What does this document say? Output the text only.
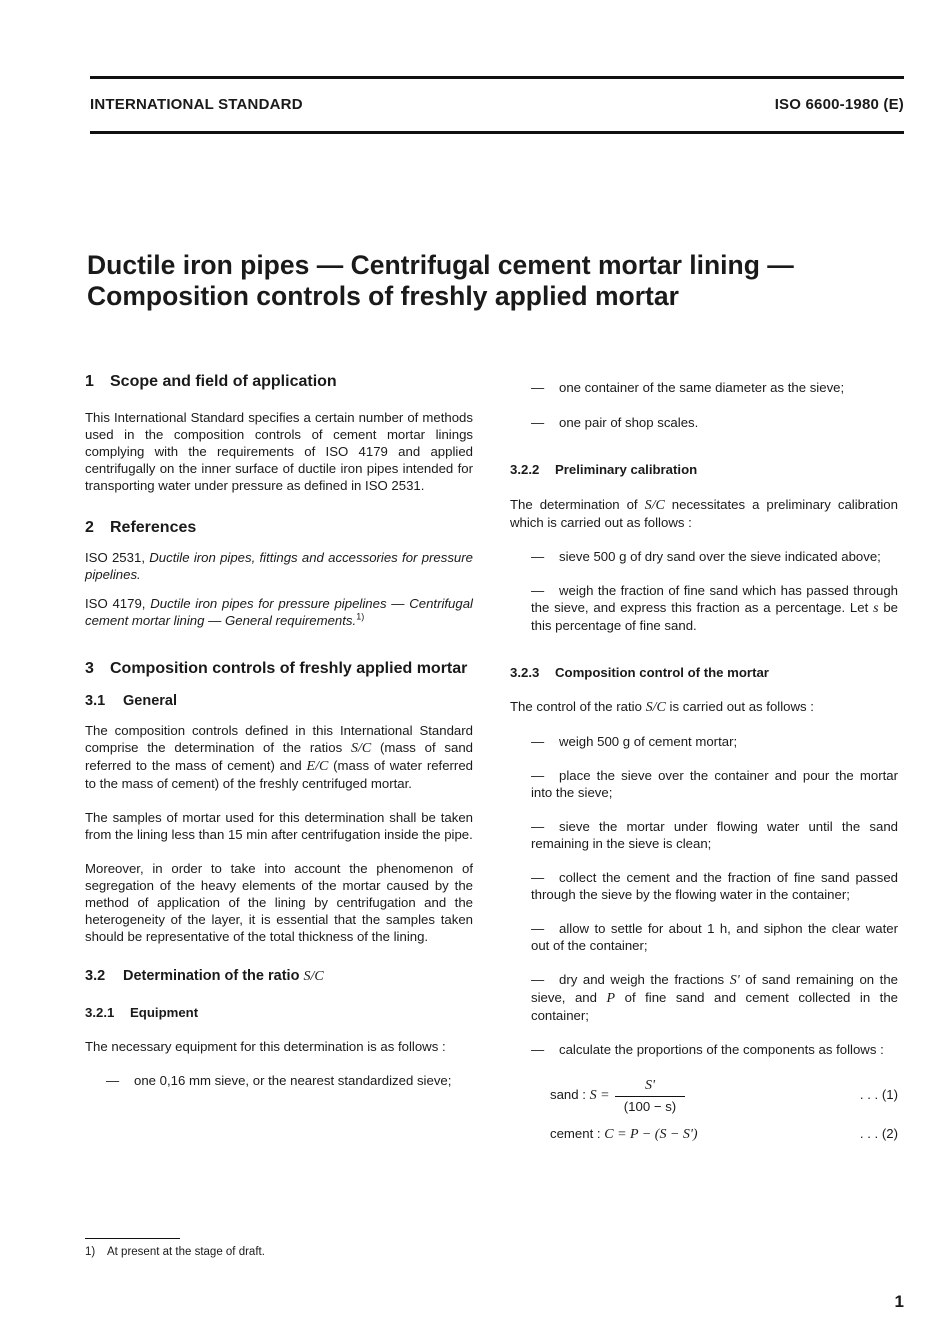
INTERNATIONAL STANDARD	ISO 6600-1980 (E)
Ductile iron pipes — Centrifugal cement mortar lining —
Composition controls of freshly applied mortar
1 Scope and field of application

This International Standard specifies a certain number of methods used in the composition controls of cement mortar linings complying with the requirements of ISO 4179 and applied centrifugally on the inner surface of ductile iron pipes intended for transporting water under pressure as defined in ISO 2531.

2 References

ISO 2531, Ductile iron pipes, fittings and accessories for pressure pipelines.

ISO 4179, Ductile iron pipes for pressure pipelines — Centrifugal cement mortar lining — General requirements.$^{1)}$

3 Composition controls of freshly applied mortar
3.1 General

The composition controls defined in this International Standard comprise the determination of the ratios S/C (mass of sand referred to the mass of cement) and E/C (mass of water referred to the mass of cement) of the freshly centrifuged mortar.

The samples of mortar used for this determination shall be taken from the lining less than 15 min after centrifugation inside the pipe.

Moreover, in order to take into account the phenomenon of segregation of the heavy elements of the mortar caused by the method of application of the lining by centrifugation and the heterogeneity of the layer, it is essential that the samples taken should be representative of the total thickness of the lining.

3.2 Determination of the ratio S/C
3.2.1 Equipment

The necessary equipment for this determination is as follows :

— one 0,16 mm sieve, or the nearest standardized sieve;

— one container of the same diameter as the sieve;

— one pair of shop scales.

3.2.2 Preliminary calibration

The determination of S/C necessitates a preliminary calibration which is carried out as follows :

— sieve 500 g of dry sand over the sieve indicated above;

— weigh the fraction of fine sand which has passed through the sieve, and express this fraction as a percentage. Let s be this percentage of fine sand.

3.2.3 Composition control of the mortar

The control of the ratio S/C is carried out as follows :

— weigh 500 g of cement mortar;

— place the sieve over the container and pour the mortar into the sieve;

— sieve the mortar under flowing water until the sand remaining in the sieve is clean;

— collect the cement and the fraction of fine sand passed through the sieve by the flowing water in the container;

— allow to settle for about 1 h, and siphon the clear water out of the container;

— dry and weigh the fractions S' of sand remaining on the sieve, and P of fine sand and cement collected in the container;

— calculate the proportions of the components as follows :

sand : $S = \frac{S'}{(100 - s)}$	. . . (1)
cement : C = P − (S − S')	. . . (2)
1) At present at the stage of draft.
1
